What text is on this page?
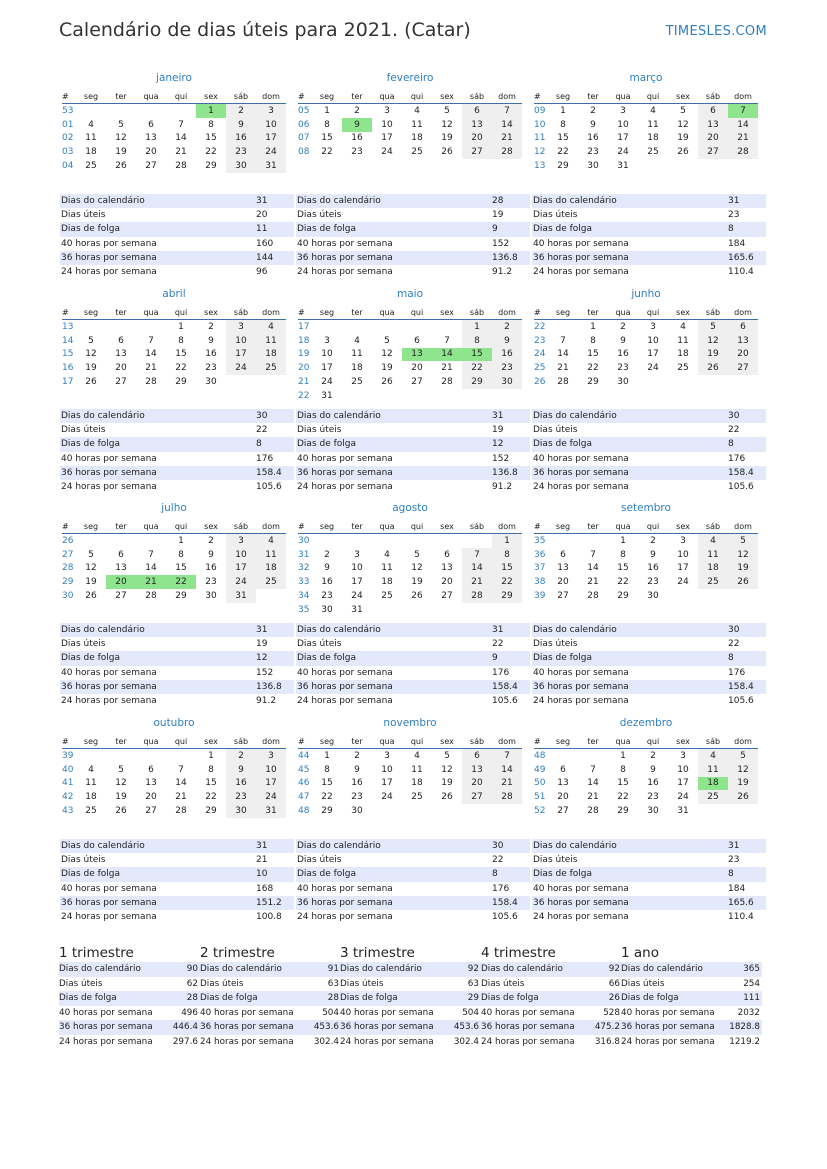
Calendário de dias úteis para 2021. (Catar)	TIMESLES.COM
janeiro
#	seg	ter	qua	qui	sex	sáb	dom
53					1	2	3
01	4	5	6	7	8	9	10
02	11	12	13	14	15	16	17
03	18	19	20	21	22	23	24
04	25	26	27	28	29	30	31
Dias do calendário	31
Dias úteis	20
Dias de folga	11
40 horas por semana	160
36 horas por semana	144
24 horas por semana	96
fevereiro
#	seg	ter	qua	qui	sex	sáb	dom
05	1	2	3	4	5	6	7
06	8	9	10	11	12	13	14
07	15	16	17	18	19	20	21
08	22	23	24	25	26	27	28
Dias do calendário	28
Dias úteis	19
Dias de folga	9
40 horas por semana	152
36 horas por semana	136.8
24 horas por semana	91.2
março
#	seg	ter	qua	qui	sex	sáb	dom
09	1	2	3	4	5	6	7
10	8	9	10	11	12	13	14
11	15	16	17	18	19	20	21
12	22	23	24	25	26	27	28
13	29	30	31				
Dias do calendário	31
Dias úteis	23
Dias de folga	8
40 horas por semana	184
36 horas por semana	165.6
24 horas por semana	110.4
abril
#	seg	ter	qua	qui	sex	sáb	dom
13				1	2	3	4
14	5	6	7	8	9	10	11
15	12	13	14	15	16	17	18
16	19	20	21	22	23	24	25
17	26	27	28	29	30		
Dias do calendário	30
Dias úteis	22
Dias de folga	8
40 horas por semana	176
36 horas por semana	158.4
24 horas por semana	105.6
maio
#	seg	ter	qua	qui	sex	sáb	dom
17						1	2
18	3	4	5	6	7	8	9
19	10	11	12	13	14	15	16
20	17	18	19	20	21	22	23
21	24	25	26	27	28	29	30
22	31						
Dias do calendário	31
Dias úteis	19
Dias de folga	12
40 horas por semana	152
36 horas por semana	136.8
24 horas por semana	91.2
junho
#	seg	ter	qua	qui	sex	sáb	dom
22		1	2	3	4	5	6
23	7	8	9	10	11	12	13
24	14	15	16	17	18	19	20
25	21	22	23	24	25	26	27
26	28	29	30				
Dias do calendário	30
Dias úteis	22
Dias de folga	8
40 horas por semana	176
36 horas por semana	158.4
24 horas por semana	105.6
julho
#	seg	ter	qua	qui	sex	sáb	dom
26				1	2	3	4
27	5	6	7	8	9	10	11
28	12	13	14	15	16	17	18
29	19	20	21	22	23	24	25
30	26	27	28	29	30	31	
Dias do calendário	31
Dias úteis	19
Dias de folga	12
40 horas por semana	152
36 horas por semana	136.8
24 horas por semana	91.2
agosto
#	seg	ter	qua	qui	sex	sáb	dom
30							1
31	2	3	4	5	6	7	8
32	9	10	11	12	13	14	15
33	16	17	18	19	20	21	22
34	23	24	25	26	27	28	29
35	30	31					
Dias do calendário	31
Dias úteis	22
Dias de folga	9
40 horas por semana	176
36 horas por semana	158.4
24 horas por semana	105.6
setembro
#	seg	ter	qua	qui	sex	sáb	dom
35			1	2	3	4	5
36	6	7	8	9	10	11	12
37	13	14	15	16	17	18	19
38	20	21	22	23	24	25	26
39	27	28	29	30			
Dias do calendário	30
Dias úteis	22
Dias de folga	8
40 horas por semana	176
36 horas por semana	158.4
24 horas por semana	105.6
outubro
#	seg	ter	qua	qui	sex	sáb	dom
39					1	2	3
40	4	5	6	7	8	9	10
41	11	12	13	14	15	16	17
42	18	19	20	21	22	23	24
43	25	26	27	28	29	30	31
Dias do calendário	31
Dias úteis	21
Dias de folga	10
40 horas por semana	168
36 horas por semana	151.2
24 horas por semana	100.8
novembro
#	seg	ter	qua	qui	sex	sáb	dom
44	1	2	3	4	5	6	7
45	8	9	10	11	12	13	14
46	15	16	17	18	19	20	21
47	22	23	24	25	26	27	28
48	29	30					
Dias do calendário	30
Dias úteis	22
Dias de folga	8
40 horas por semana	176
36 horas por semana	158.4
24 horas por semana	105.6
dezembro
#	seg	ter	qua	qui	sex	sáb	dom
48			1	2	3	4	5
49	6	7	8	9	10	11	12
50	13	14	15	16	17	18	19
51	20	21	22	23	24	25	26
52	27	28	29	30	31		
Dias do calendário	31
Dias úteis	23
Dias de folga	8
40 horas por semana	184
36 horas por semana	165.6
24 horas por semana	110.4
1 trimestre
Dias do calendário	90
Dias úteis	62
Dias de folga	28
40 horas por semana	496
36 horas por semana	446.4
24 horas por semana	297.6
2 trimestre
Dias do calendário	91
Dias úteis	63
Dias de folga	28
40 horas por semana	504
36 horas por semana	453.6
24 horas por semana	302.4
3 trimestre
Dias do calendário	92
Dias úteis	63
Dias de folga	29
40 horas por semana	504
36 horas por semana	453.6
24 horas por semana	302.4
4 trimestre
Dias do calendário	92
Dias úteis	66
Dias de folga	26
40 horas por semana	528
36 horas por semana	475.2
24 horas por semana	316.8
1 ano
Dias do calendário	365
Dias úteis	254
Dias de folga	111
40 horas por semana	2032
36 horas por semana	1828.8
24 horas por semana	1219.2
